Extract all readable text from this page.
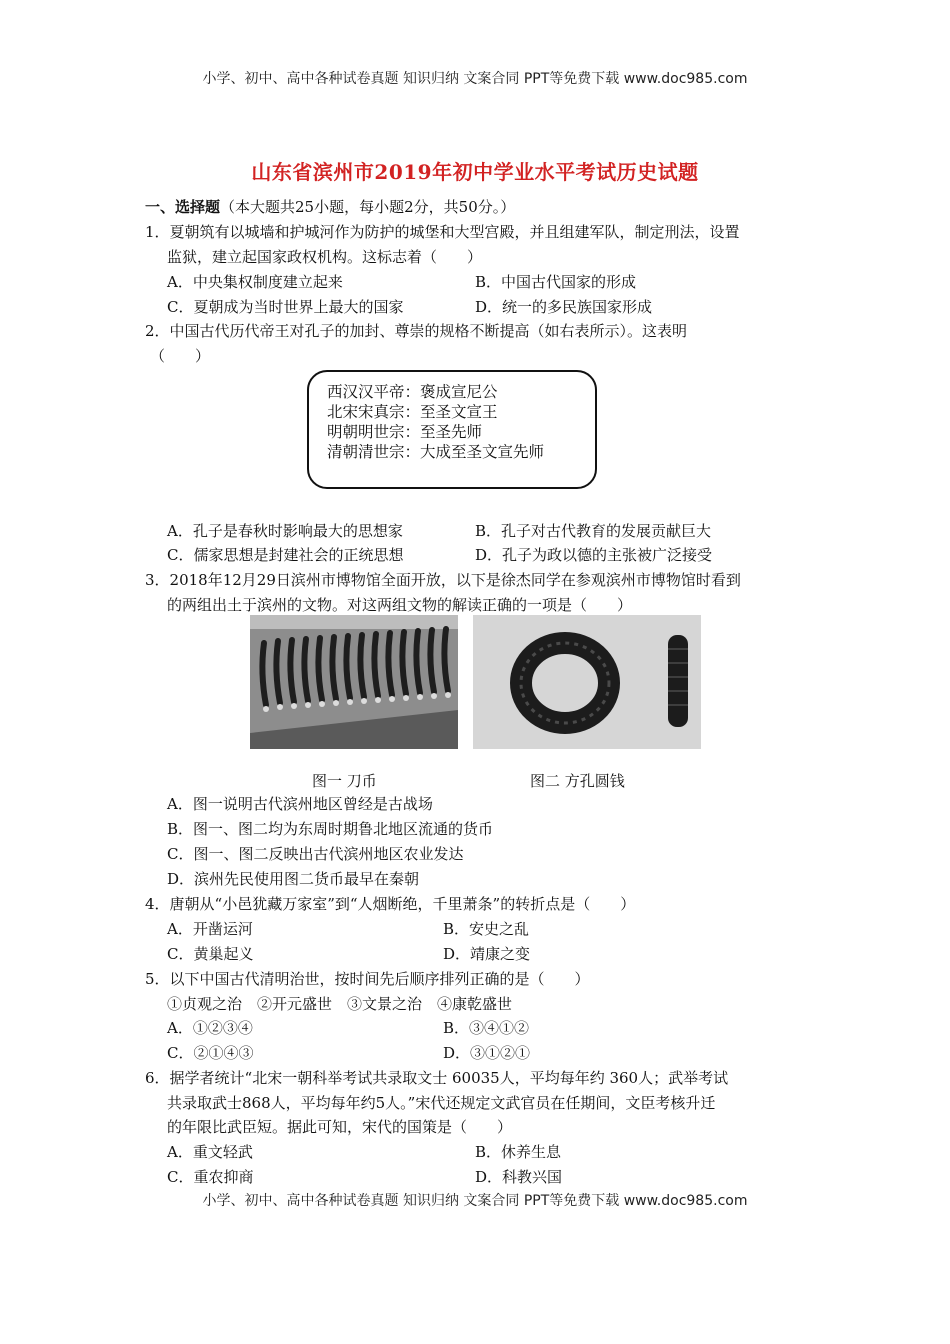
小学、初中、高中各种试卷真题 知识归纳 文案合同 PPT等免费下载 www.doc985.com
山东省滨州市2019年初中学业水平考试历史试题
一、选择题（本大题共25小题，每小题2分，共50分。）
1．夏朝筑有以城墙和护城河作为防护的城堡和大型宫殿，并且组建军队，制定刑法，设置
监狱，建立起国家政权机构。这标志着（　　）
A．中央集权制度建立起来	B．中国古代国家的形成
C．夏朝成为当时世界上最大的国家	D．统一的多民族国家形成
2．中国古代历代帝王对孔子的加封、尊崇的规格不断提高（如右表所示）。这表明
（　　）
西汉汉平帝：褒成宣尼公
北宋宋真宗：至圣文宣王
明朝明世宗：至圣先师
清朝清世宗：大成至圣文宣先师
A．孔子是春秋时影响最大的思想家	B．孔子对古代教育的发展贡献巨大
C．儒家思想是封建社会的正统思想	D．孔子为政以德的主张被广泛接受
3．2018年12月29日滨州市博物馆全面开放，以下是徐杰同学在参观滨州市博物馆时看到
的两组出土于滨州的文物。对这两组文物的解读正确的一项是（　　）
图一 刀币	图二 方孔圆钱
A．图一说明古代滨州地区曾经是古战场
B．图一、图二均为东周时期鲁北地区流通的货币
C．图一、图二反映出古代滨州地区农业发达
D．滨州先民使用图二货币最早在秦朝
4．唐朝从“小邑犹藏万家室”到“人烟断绝，千里萧条”的转折点是（　　）
A．开凿运河	B．安史之乱
C．黄巢起义	D．靖康之变
5．以下中国古代清明治世，按时间先后顺序排列正确的是（　　）
①贞观之治　②开元盛世　③文景之治　④康乾盛世
A．①②③④	B．③④①②
C．②①④③	D．③①②①
6．据学者统计“北宋一朝科举考试共录取文士 60035人，平均每年约 360人；武举考试
共录取武士868人，平均每年约5人。”宋代还规定文武官员在任期间，文臣考核升迁
的年限比武臣短。据此可知，宋代的国策是（　　）
A．重文轻武	B．休养生息
C．重农抑商	D．科教兴国
小学、初中、高中各种试卷真题 知识归纳 文案合同 PPT等免费下载 www.doc985.com
